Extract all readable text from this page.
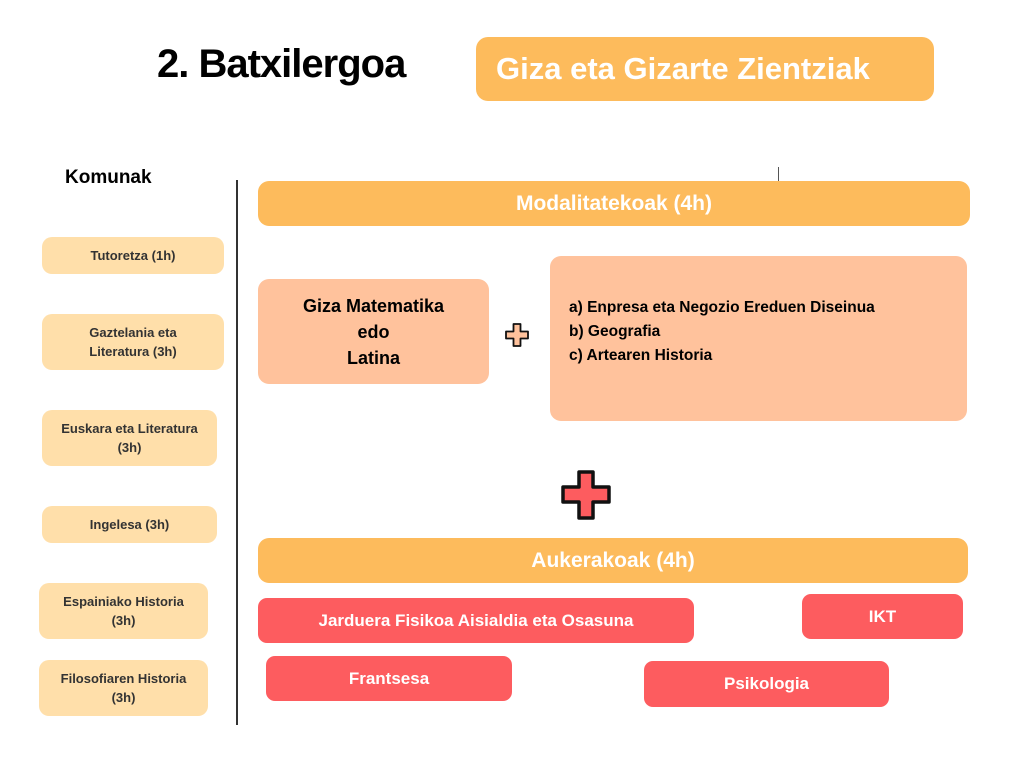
2. Batxilergoa	Giza eta Gizarte Zientziak
Komunak
Tutoretza (1h)
Gaztelania eta
Literatura (3h)
Euskara eta Literatura
(3h)
Ingelesa (3h)
Espainiako Historia
(3h)
Filosofiaren Historia
(3h)
Modalitatekoak (4h)
Giza Matematika
edo
Latina
a) Enpresa eta Negozio Ereduen Diseinua
b) Geografia
c) Artearen Historia
Aukerakoak (4h)
Jarduera Fisikoa Aisialdia eta Osasuna	IKT
Frantsesa	Psikologia
